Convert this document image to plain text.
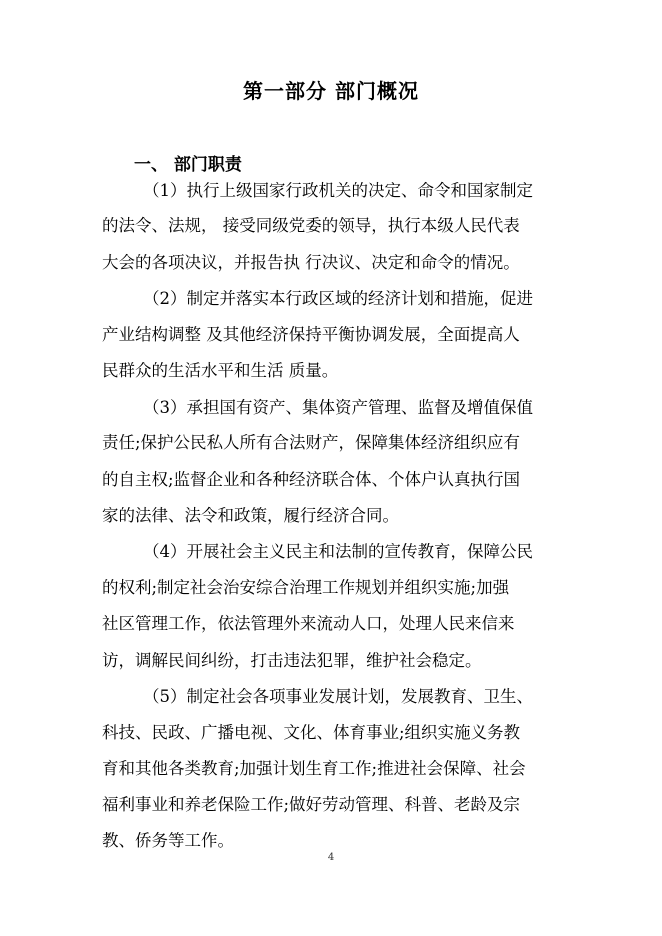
第一部分 部门概况
一、 部门职责
（1）执行上级国家行政机关的决定、命令和国家制定
的法令、法规， 接受同级党委的领导，执行本级人民代表
大会的各项决议，并报告执 行决议、决定和命令的情况。
（2）制定并落实本行政区域的经济计划和措施，促进
产业结构调整 及其他经济保持平衡协调发展，全面提高人
民群众的生活水平和生活 质量。
（3）承担国有资产、集体资产管理、监督及增值保值
责任;保护公民私人所有合法财产，保障集体经济组织应有
的自主权;监督企业和各种经济联合体、个体户认真执行国
家的法律、法令和政策，履行经济合同。
（4）开展社会主义民主和法制的宣传教育，保障公民
的权利;制定社会治安综合治理工作规划并组织实施;加强
社区管理工作，依法管理外来流动人口，处理人民来信来
访，调解民间纠纷，打击违法犯罪，维护社会稳定。
（5）制定社会各项事业发展计划，发展教育、卫生、
科技、民政、广播电视、文化、体育事业;组织实施义务教
育和其他各类教育;加强计划生育工作;推进社会保障、社会
福利事业和养老保险工作;做好劳动管理、科普、老龄及宗
教、侨务等工作。
4
